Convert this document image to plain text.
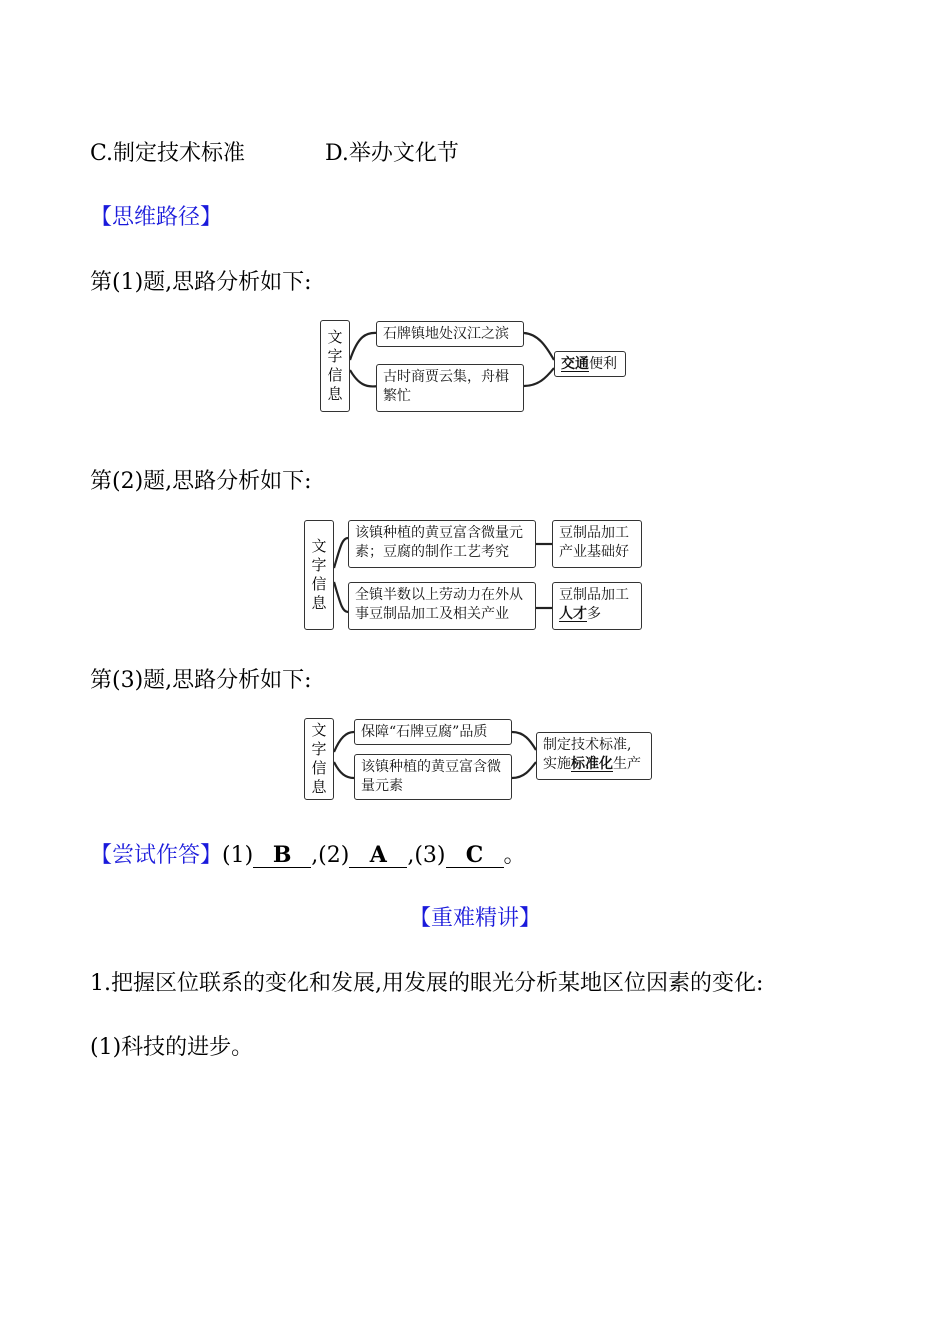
C.制定技术标准	D.举办文化节
【思维路径】
第(1)题,思路分析如下:
文
字
信
息
石牌镇地处汉江之滨
古时商贾云集，舟楫繁忙
交通便利
第(2)题,思路分析如下:
文
字
信
息
该镇种植的黄豆富含微量元素；豆腐的制作工艺考究
全镇半数以上劳动力在外从事豆制品加工及相关产业
豆制品加工产业基础好
豆制品加工
人才多
第(3)题,思路分析如下:
文
字
信
息
保障“石牌豆腐”品质
该镇种植的黄豆富含微量元素
制定技术标准,
实施标准化生产
【尝试作答】(1) B ,(2) A ,(3) C 。
【重难精讲】
1.把握区位联系的变化和发展,用发展的眼光分析某地区位因素的变化:
(1)科技的进步。
